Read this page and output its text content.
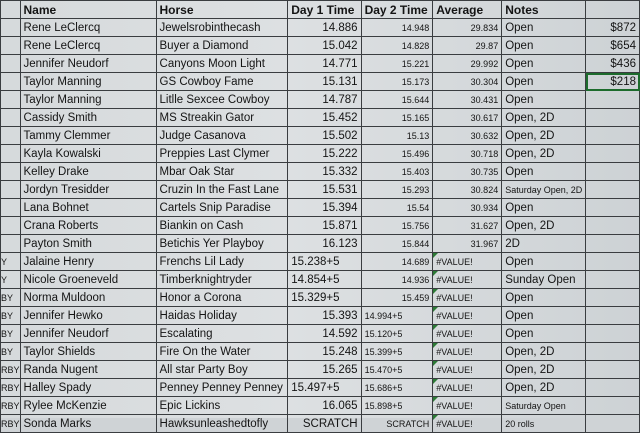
	Name	Horse	Day 1 Time	Day 2 Time	Average	Notes	
	Rene LeClercq	Jewelsrobinthecash	14.886	14.948	29.834	Open	$872
	Rene LeClercq	Buyer a Diamond	15.042	14.828	29.87	Open	$654
	Jennifer Neudorf	Canyons Moon Light	14.771	15.221	29.992	Open	$436
	Taylor Manning	GS Cowboy Fame	15.131	15.173	30.304	Open	$218
	Taylor Manning	Litlle Sexcee Cowboy	14.787	15.644	30.431	Open	
	Cassidy Smith	MS Streakin Gator	15.452	15.165	30.617	Open, 2D	
	Tammy Clemmer	Judge Casanova	15.502	15.13	30.632	Open, 2D	
	Kayla Kowalski	Preppies Last Clymer	15.222	15.496	30.718	Open, 2D	
	Kelley Drake	Mbar Oak Star	15.332	15.403	30.735	Open	
	Jordyn Tresidder	Cruzin In the Fast Lane	15.531	15.293	30.824	Saturday Open, 2D	
	Lana Bohnet	Cartels Snip Paradise	15.394	15.54	30.934	Open	
	Crana Roberts	Biankin on Cash	15.871	15.756	31.627	Open, 2D	
	Payton Smith	Betichis Yer Playboy	16.123	15.844	31.967	2D	
Y	Jalaine Henry	Frenchs Lil Lady	15.238+5	14.689	#VALUE!	Open	
Y	Nicole Groeneveld	Timberknightryder	14.854+5	14.936	#VALUE!	Sunday Open	
BY	Norma Muldoon	Honor a Corona	15.329+5	15.459	#VALUE!	Open	
BY	Jennifer Hewko	Haidas Holiday	15.393	14.994+5	#VALUE!	Open	
BY	Jennifer Neudorf	Escalating	14.592	15.120+5	#VALUE!	Open	
BY	Taylor Shields	Fire On the Water	15.248	15.399+5	#VALUE!	Open, 2D	
RBY	Randa Nugent	All star Party Boy	15.265	15.470+5	#VALUE!	Open, 2D	
RBY	Halley Spady	Penney Penney Penney	15.497+5	15.686+5	#VALUE!	Open, 2D	
RBY	Rylee McKenzie	Epic Lickins	16.065	15.898+5	#VALUE!	Saturday Open	
RBY	Sonda Marks	Hawksunleashedtofly	SCRATCH	SCRATCH	#VALUE!	20 rolls	
